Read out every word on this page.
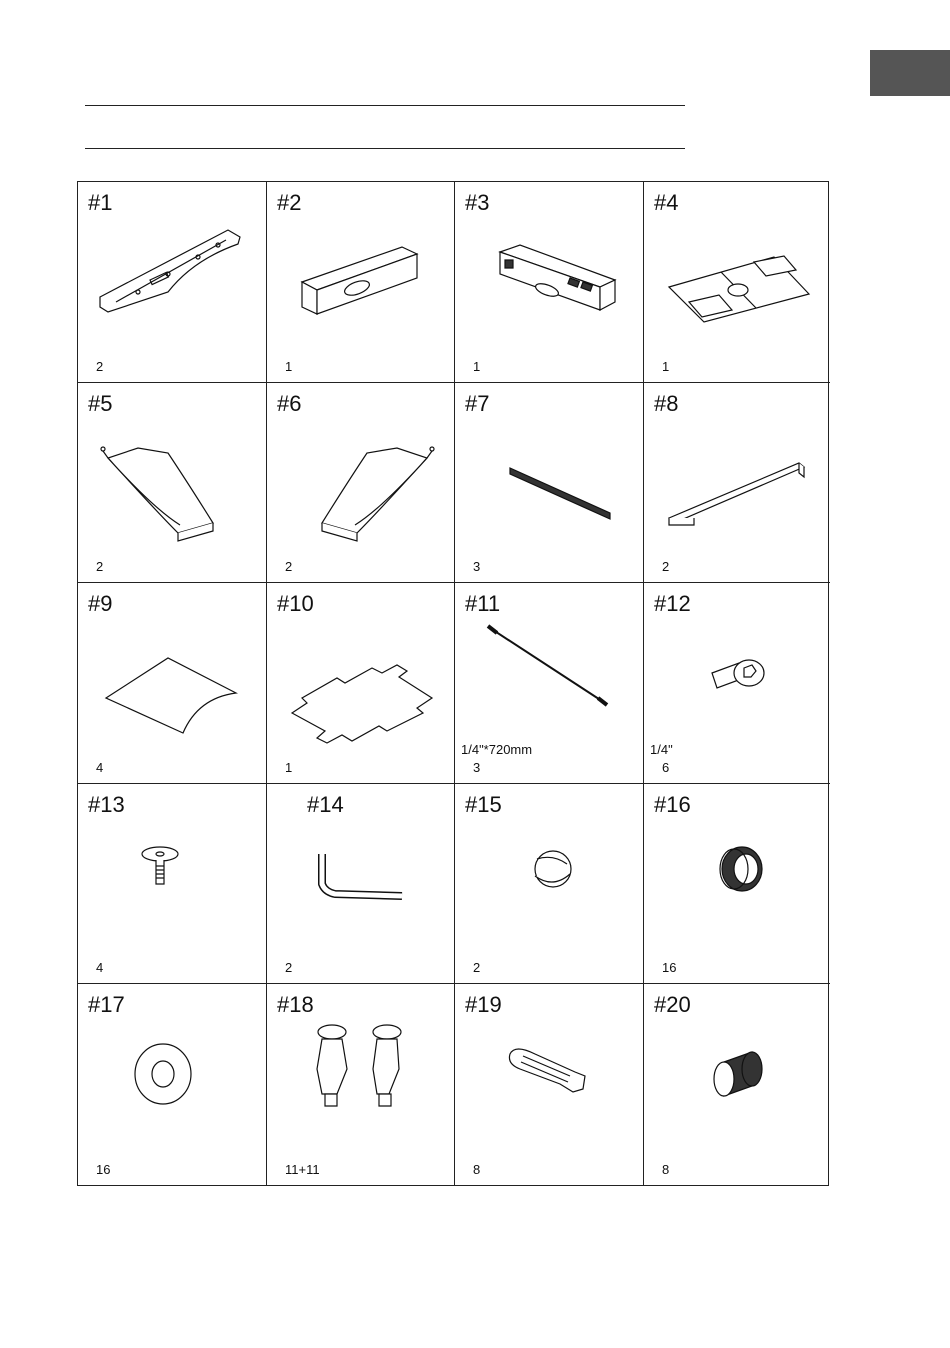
#1
2
#2
1
#3
1
#4
1
#5
2
#6
2
#7
3
#8
2
#9
4
#10
1
#11
1/4"*720mm
3
#12
1/4"
6
#13
4
#14
2
#15
2
#16
16
#17
16
#18
11+11
#19
8
#20
8
